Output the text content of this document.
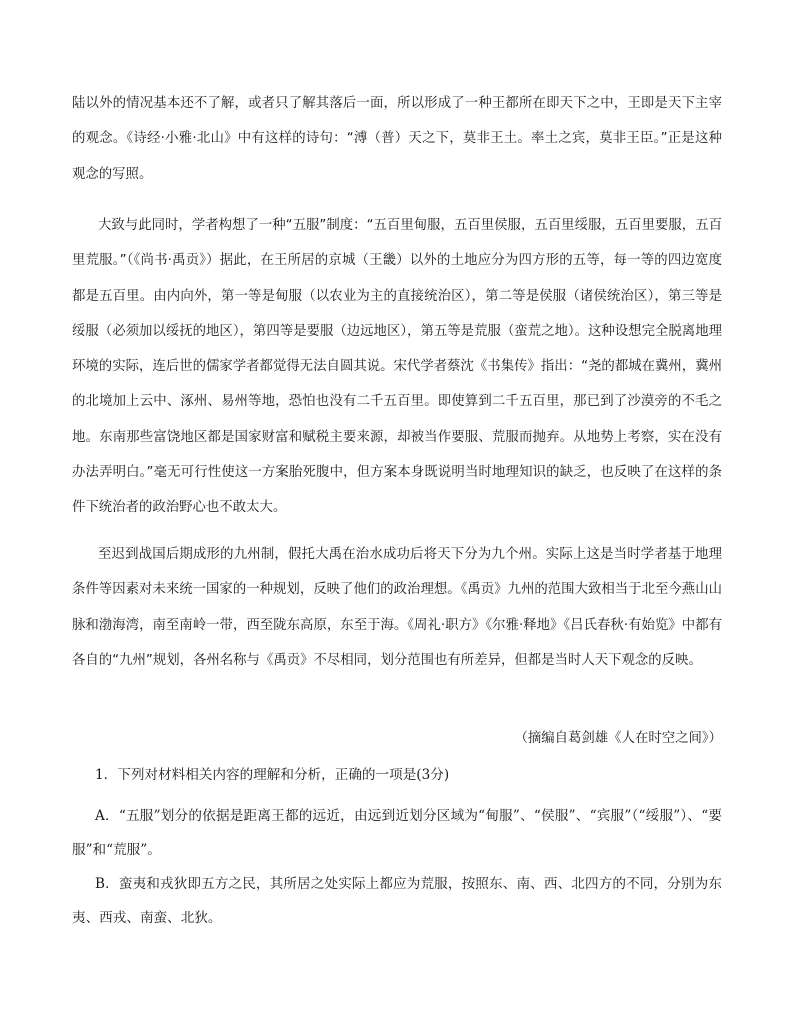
陆以外的情况基本还不了解，或者只了解其落后一面，所以形成了一种王都所在即天下之中，王即是天下主宰的观念。《诗经·小雅·北山》中有这样的诗句：“溥（普）天之下，莫非王土。率土之宾，莫非王臣。”正是这种观念的写照。

大致与此同时，学者构想了一种“五服”制度：“五百里甸服，五百里侯服，五百里绥服，五百里要服，五百里荒服。”（《尚书·禹贡》）据此，在王所居的京城（王畿）以外的土地应分为四方形的五等，每一等的四边宽度都是五百里。由内向外，第一等是甸服（以农业为主的直接统治区），第二等是侯服（诸侯统治区），第三等是绥服（必须加以绥抚的地区），第四等是要服（边远地区），第五等是荒服（蛮荒之地）。这种设想完全脱离地理环境的实际，连后世的儒家学者都觉得无法自圆其说。宋代学者蔡沈《书集传》指出：“尧的都城在冀州，冀州的北境加上云中、涿州、易州等地，恐怕也没有二千五百里。即使算到二千五百里，那已到了沙漠旁的不毛之地。东南那些富饶地区都是国家财富和赋税主要来源，却被当作要服、荒服而抛弃。从地势上考察，实在没有办法弄明白。”毫无可行性使这一方案胎死腹中，但方案本身既说明当时地理知识的缺乏，也反映了在这样的条件下统治者的政治野心也不敢太大。

至迟到战国后期成形的九州制，假托大禹在治水成功后将天下分为九个州。实际上这是当时学者基于地理条件等因素对未来统一国家的一种规划，反映了他们的政治理想。《禹贡》九州的范围大致相当于北至今燕山山脉和渤海湾，南至南岭一带，西至陇东高原，东至于海。《周礼·职方》《尔雅·释地》《吕氏春秋·有始览》中都有各自的“九州”规划，各州名称与《禹贡》不尽相同，划分范围也有所差异，但都是当时人天下观念的反映。

（摘编自葛剑雄《人在时空之间》）

1．下列对材料相关内容的理解和分析，正确的一项是(3分)

A．“五服”划分的依据是距离王都的远近，由远到近划分区域为“甸服”、“侯服”、“宾服”（“绥服”）、“要服”和“荒服”。

B．蛮夷和戎狄即五方之民，其所居之处实际上都应为荒服，按照东、南、西、北四方的不同，分别为东夷、西戎、南蛮、北狄。
